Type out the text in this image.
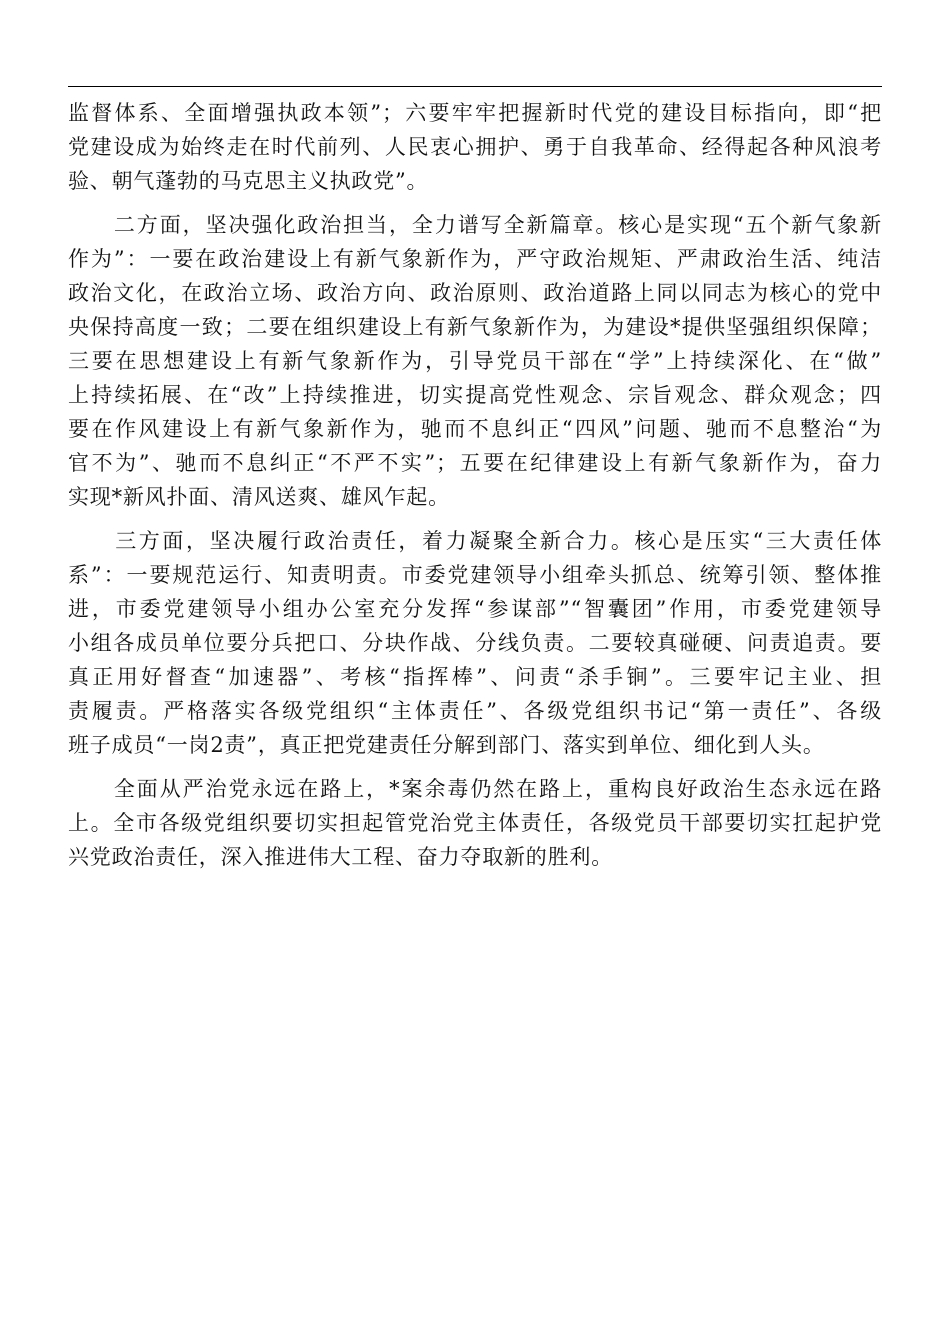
监督体系、全面增强执政本领”；六要牢牢把握新时代党的建设目标指向，即“把
党建设成为始终走在时代前列、人民衷心拥护、勇于自我革命、经得起各种风浪考
验、朝气蓬勃的马克思主义执政党”。

　　二方面，坚决强化政治担当，全力谱写全新篇章。核心是实现“五个新气象新
作为”：一要在政治建设上有新气象新作为，严守政治规矩、严肃政治生活、纯洁
政治文化，在政治立场、政治方向、政治原则、政治道路上同以同志为核心的党中
央保持高度一致；二要在组织建设上有新气象新作为，为建设*提供坚强组织保障；
三要在思想建设上有新气象新作为，引导党员干部在“学”上持续深化、在“做”
上持续拓展、在“改”上持续推进，切实提高党性观念、宗旨观念、群众观念；四
要在作风建设上有新气象新作为，驰而不息纠正“四风”问题、驰而不息整治“为
官不为”、驰而不息纠正“不严不实”；五要在纪律建设上有新气象新作为，奋力
实现*新风扑面、清风送爽、雄风乍起。

　　三方面，坚决履行政治责任，着力凝聚全新合力。核心是压实“三大责任体
系”：一要规范运行、知责明责。市委党建领导小组牵头抓总、统筹引领、整体推
进，市委党建领导小组办公室充分发挥“参谋部”“智囊团”作用，市委党建领导
小组各成员单位要分兵把口、分块作战、分线负责。二要较真碰硬、问责追责。要
真正用好督查“加速器”、考核“指挥棒”、问责“杀手锏”。三要牢记主业、担
责履责。严格落实各级党组织“主体责任”、各级党组织书记“第一责任”、各级
班子成员“一岗2责”，真正把党建责任分解到部门、落实到单位、细化到人头。

　　全面从严治党永远在路上，*案余毒仍然在路上，重构良好政治生态永远在路
上。全市各级党组织要切实担起管党治党主体责任，各级党员干部要切实扛起护党
兴党政治责任，深入推进伟大工程、奋力夺取新的胜利。
